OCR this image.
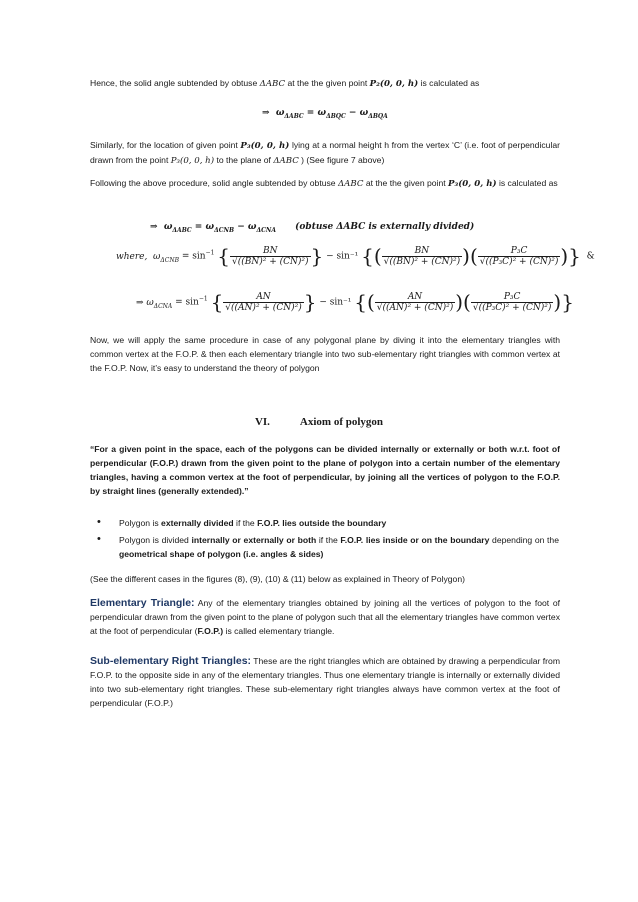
Hence, the solid angle subtended by obtuse ΔABC at the the given point P₂(0, 0, h) is calculated as
⇒  $\omega_{\Delta ABC} = \omega_{\Delta BQC} - \omega_{\Delta BQA}$
Similarly, for the location of given point P₃(0, 0, h) lying at a normal height h from the vertex ‘C’ (i.e. foot of perpendicular drawn from the point P₃(0, 0, h) to the plane of ΔABC ) (See figure 7 above)
Following the above procedure, solid angle subtended by obtuse ΔABC at the the given point P₃(0, 0, h) is calculated as
⇒  $\omega_{\Delta ABC} = \omega_{\Delta CNB} - \omega_{\Delta CNA}$ (obtuse ΔABC is externally divided)
where,  $\omega_{\Delta CNB} = \sin^{-1}$ { $\frac{BN}{\text{√((BN)² + (CN)²)}}$ } − sin⁻¹ {( $\frac{BN}{\text{√((BN)² + (CN)²)}}$ )( $\frac{\text{P₃C}}{\text{√((P₃C)² + (CN)²)}}$ )} &
⇒ $\omega_{\Delta CNA} = \sin^{-1}$ { $\frac{AN}{\text{√((AN)² + (CN)²)}}$ } − sin⁻¹ {( $\frac{AN}{\text{√((AN)² + (CN)²)}}$ )( $\frac{\text{P₃C}}{\text{√((P₃C)² + (CN)²)}}$ )}
Now, we will apply the same procedure in case of any polygonal plane by diving it into the elementary triangles with common vertex at the F.O.P. & then each elementary triangle into two sub-elementary right triangles with common vertex at the F.O.P. Now, it’s easy to understand the theory of polygon
VI.	Axiom of polygon
“For a given point in the space, each of the polygons can be divided internally or externally or both w.r.t. foot of perpendicular (F.O.P.) drawn from the given point to the plane of polygon into a certain number of the elementary triangles, having a common vertex at the foot of perpendicular, by joining all the vertices of polygon to the F.O.P. by straight lines (generally extended).”
• Polygon is externally divided if the F.O.P. lies outside the boundary
• Polygon is divided internally or externally or both if the F.O.P. lies inside or on the boundary depending on the geometrical shape of polygon (i.e. angles & sides)
(See the different cases in the figures (8), (9), (10) & (11) below as explained in Theory of Polygon)
Elementary Triangle: Any of the elementary triangles obtained by joining all the vertices of polygon to the foot of perpendicular drawn from the given point to the plane of polygon such that all the elementary triangles have common vertex at the foot of perpendicular (F.O.P.) is called elementary triangle.
Sub-elementary Right Triangles: These are the right triangles which are obtained by drawing a perpendicular from F.O.P. to the opposite side in any of the elementary triangles. Thus one elementary triangle is internally or externally divided into two sub-elementary right triangles. These sub-elementary right triangles always have common vertex at the foot of perpendicular (F.O.P.)
